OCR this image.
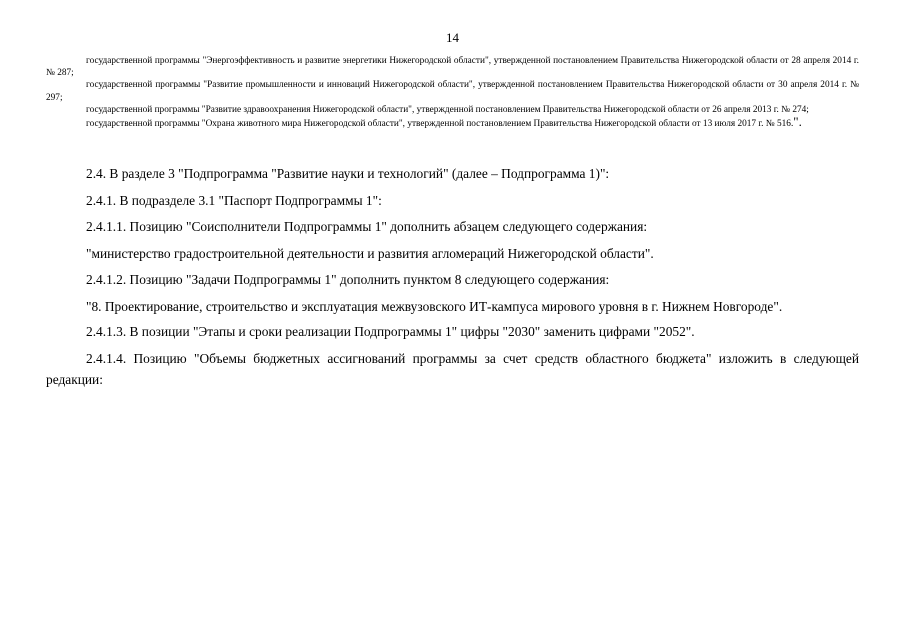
14
государственной программы "Энергоэффективность и развитие энергетики Нижегородской области", утвержденной постановлением Правительства Нижегородской области от 28 апреля 2014 г. № 287;
государственной программы "Развитие промышленности и инноваций Нижегородской области", утвержденной постановлением Правительства Нижегородской области от 30 апреля 2014 г. № 297;
государственной программы "Развитие здравоохранения Нижегородской области", утвержденной постановлением Правительства Нижегородской области от 26 апреля 2013 г. № 274;
государственной программы "Охрана животного мира Нижегородской области", утвержденной постановлением Правительства Нижегородской области от 13 июля 2017 г. № 516.".

2.4. В разделе 3 "Подпрограмма "Развитие науки и технологий" (далее – Подпрограмма 1)":

2.4.1. В подразделе 3.1 "Паспорт Подпрограммы 1":

2.4.1.1. Позицию "Соисполнители Подпрограммы 1" дополнить абзацем следующего содержания:

"министерство градостроительной деятельности и развития агломераций Нижегородской области".

2.4.1.2. Позицию "Задачи Подпрограммы 1" дополнить пунктом 8 следующего содержания:

"8. Проектирование, строительство и эксплуатация межвузовского ИТ-кампуса мирового уровня в г. Нижнем Новгороде".

2.4.1.3. В позиции "Этапы и сроки реализации Подпрограммы 1" цифры "2030" заменить цифрами "2052".

2.4.1.4. Позицию "Объемы бюджетных ассигнований программы за счет средств областного бюджета" изложить в следующей редакции:
